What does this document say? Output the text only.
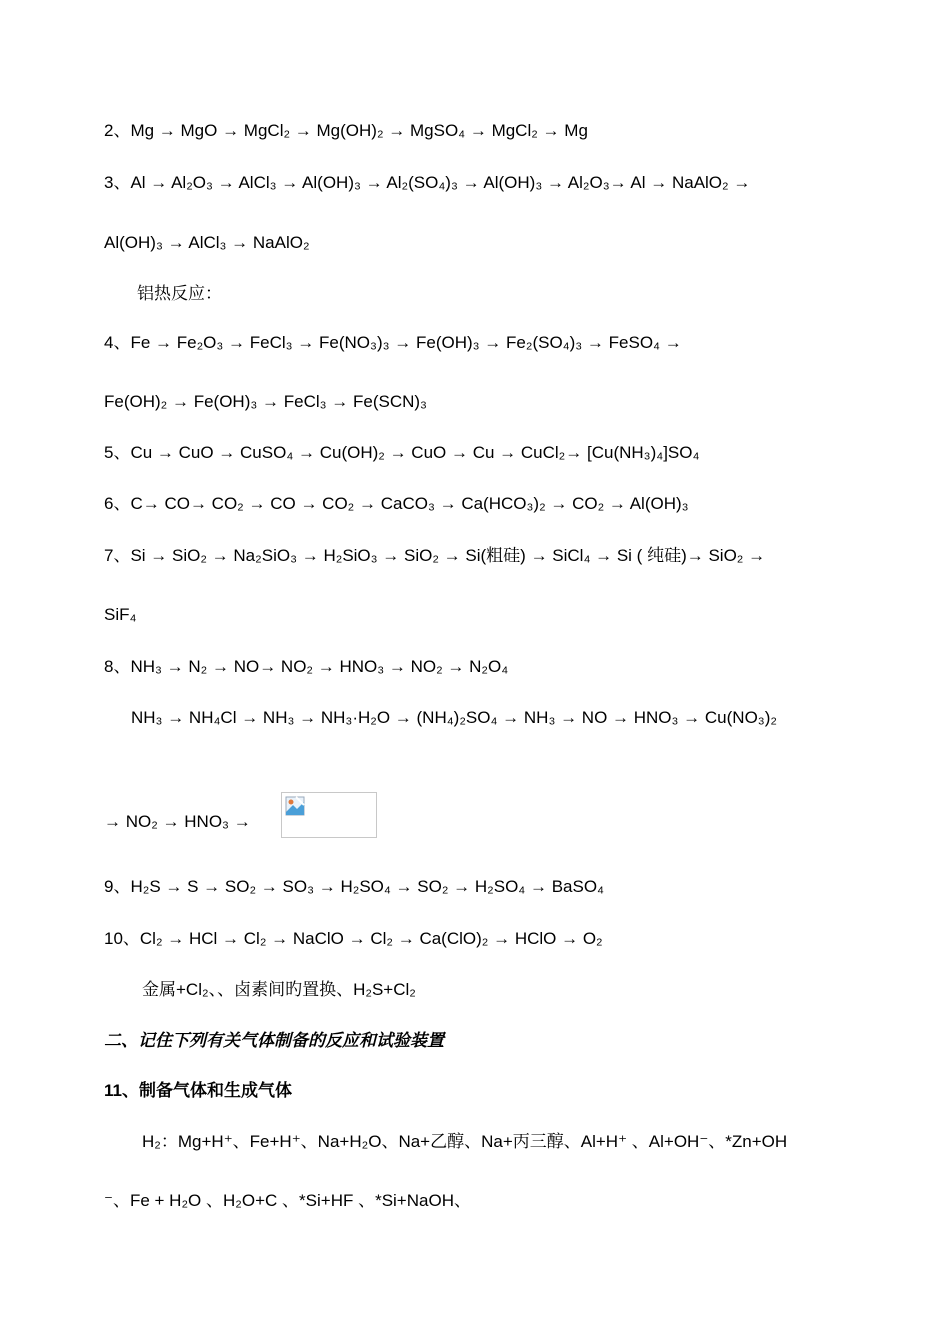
2、Mg → MgO → MgCl₂ → Mg(OH)₂ → MgSO₄ → MgCl₂ → Mg
3、Al → Al₂O₃ → AlCl₃ → Al(OH)₃ → Al₂(SO₄)₃ → Al(OH)₃ → Al₂O₃→ Al → NaAlO₂ →
Al(OH)₃ → AlCl₃ → NaAlO₂
铝热反应：
4、Fe → Fe₂O₃ → FeCl₃ → Fe(NO₃)₃ → Fe(OH)₃ → Fe₂(SO₄)₃ → FeSO₄ →
Fe(OH)₂ → Fe(OH)₃ → FeCl₃ → Fe(SCN)₃
5、Cu → CuO → CuSO₄ → Cu(OH)₂ → CuO → Cu → CuCl₂→ [Cu(NH₃)₄]SO₄
6、C→ CO→ CO₂ → CO → CO₂ → CaCO₃ → Ca(HCO₃)₂ → CO₂ → Al(OH)₃
7、Si → SiO₂ → Na₂SiO₃ → H₂SiO₃ → SiO₂ → Si(粗硅) → SiCl₄ → Si ( 纯硅)→ SiO₂ →
SiF₄
8、NH₃ → N₂ → NO→ NO₂ → HNO₃ → NO₂ → N₂O₄
NH₃ → NH₄Cl → NH₃ → NH₃·H₂O → (NH₄)₂SO₄ → NH₃ → NO → HNO₃ → Cu(NO₃)₂
→ NO₂ → HNO₃ →
9、H₂S → S → SO₂ → SO₃ → H₂SO₄ → SO₂ → H₂SO₄ → BaSO₄
10、Cl₂ → HCl → Cl₂ → NaClO → Cl₂ → Ca(ClO)₂ → HClO → O₂
金属+Cl₂、、卤素间旳置换、H₂S+Cl₂
二、记住下列有关气体制备的反应和试验装置
11、制备气体和生成气体
H₂：Mg+H⁺、Fe+H⁺、Na+H₂O、Na+乙醇、Na+丙三醇、Al+H⁺ 、Al+OH⁻、*Zn+OH
⁻、Fe + H₂O 、H₂O+C 、*Si+HF 、*Si+NaOH、
